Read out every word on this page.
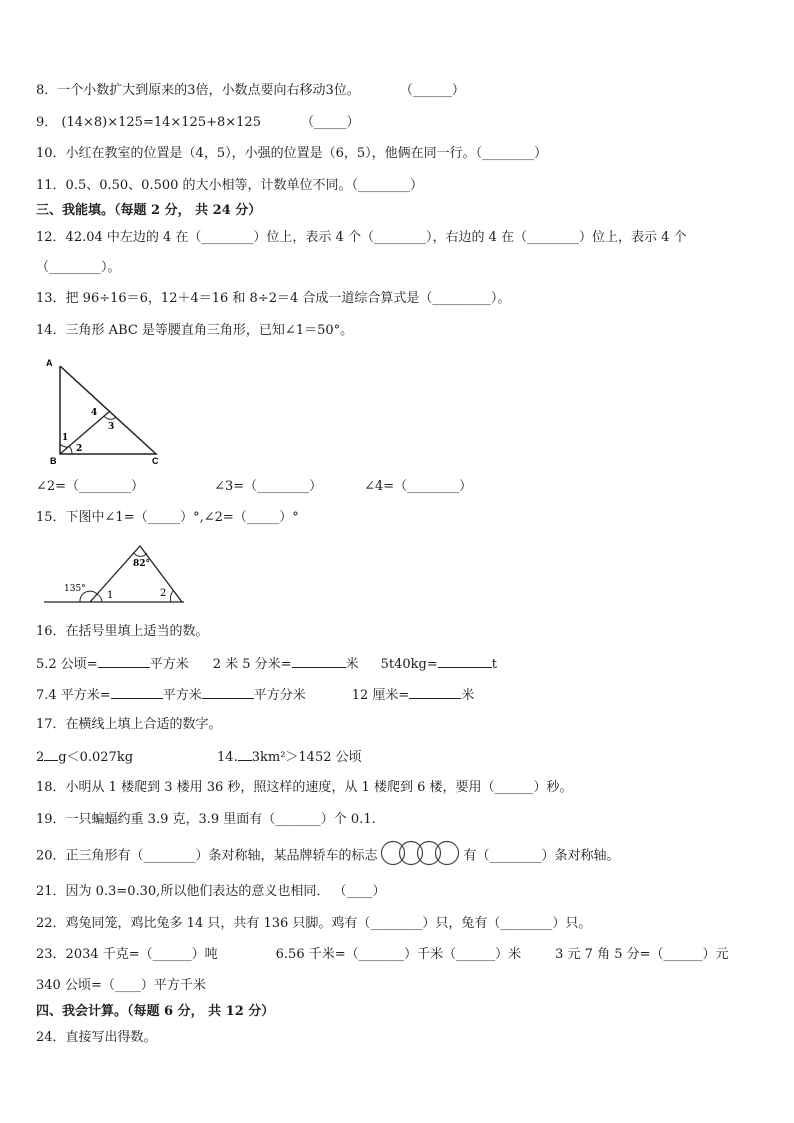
8．一个小数扩大到原来的3倍，小数点要向右移动3位。	（______）
9． (14×8)×125=14×125+8×125	（_____）
10．小红在教室的位置是（4，5），小强的位置是（6，5），他俩在同一行。（________）
11．0.5、0.50、0.500 的大小相等，计数单位不同。（________）
三、我能填。（每题 2 分， 共 24 分）
12．42.04 中左边的 4 在（________）位上，表示 4 个（________），右边的 4 在（________）位上，表示 4 个
（________）。
13．把 96÷16＝6，12＋4＝16 和 8÷2＝4 合成一道综合算式是（_________）。
14．三角形 ABC 是等腰直角三角形，已知∠1＝50°。
A
B	C
1
2
3
4
∠2=（________）	∠3=（________）	∠4=（________）
15．下图中∠1=（_____）°,∠2=（_____）°
82°
135°
1	2
16．在括号里填上适当的数。
5.2 公顷=	平方米 2 米 5 分米=	米 5t40kg=	t
7.4 平方米=	平方米	平方分米	12 厘米=	米
17．在横线上填上合适的数字。
2 g＜0.027kg	14. 3km²＞1452 公顷
18．小明从 1 楼爬到 3 楼用 36 秒，照这样的速度，从 1 楼爬到 6 楼，要用（______）秒。
19．一只蝙蝠约重 3.9 克，3.9 里面有（_______）个 0.1.
20．正三角形有（________）条对称轴，某品牌轿车的标志	有（________）条对称轴。
21．因为 0.3=0.30,所以他们表达的意义也相同． （____）
22．鸡兔同笼，鸡比兔多 14 只，共有 136 只脚。鸡有（________）只，兔有（________）只。
23．2034 千克=（______）吨	6.56 千米=（_______）千米（______）米	3 元 7 角 5 分=（______）元
340 公顷=（____）平方千米
四、我会计算。（每题 6 分， 共 12 分）
24．直接写出得数。
